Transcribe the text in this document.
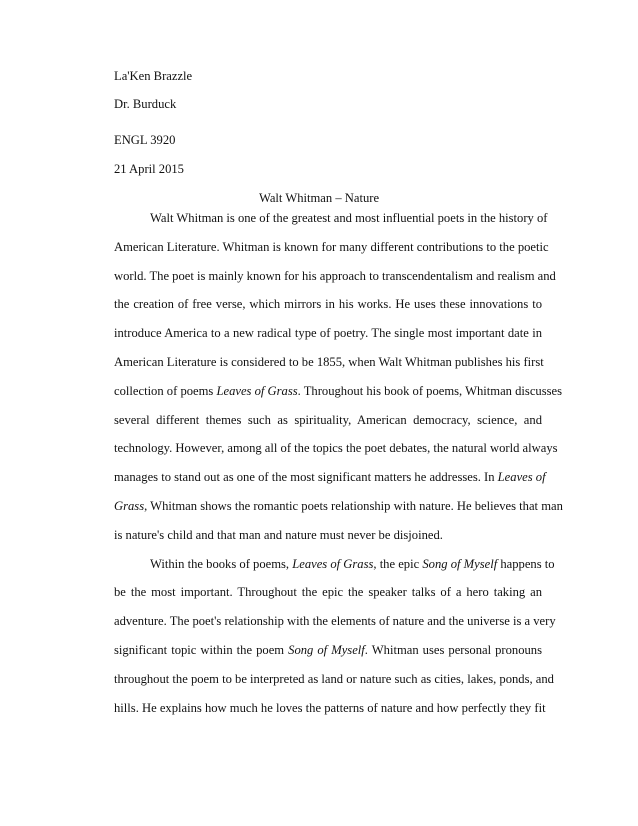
La'Ken Brazzle
Dr. Burduck
ENGL 3920
21 April 2015
Walt Whitman – Nature
Walt Whitman is one of the greatest and most influential poets in the history of
American Literature. Whitman is known for many different contributions to the poetic
world. The poet is mainly known for his approach to transcendentalism and realism and
the creation of free verse, which mirrors in his works. He uses these innovations to
introduce America to a new radical type of poetry. The single most important date in
American Literature is considered to be 1855, when Walt Whitman publishes his first
collection of poems Leaves of Grass. Throughout his book of poems, Whitman discusses
several different themes such as spirituality, American democracy, science, and
technology. However, among all of the topics the poet debates, the natural world always
manages to stand out as one of the most significant matters he addresses. In Leaves of
Grass, Whitman shows the romantic poets relationship with nature. He believes that man
is nature's child and that man and nature must never be disjoined.
Within the books of poems, Leaves of Grass, the epic Song of Myself happens to
be the most important. Throughout the epic the speaker talks of a hero taking an
adventure. The poet's relationship with the elements of nature and the universe is a very
significant topic within the poem Song of Myself. Whitman uses personal pronouns
throughout the poem to be interpreted as land or nature such as cities, lakes, ponds, and
hills. He explains how much he loves the patterns of nature and how perfectly they fit
